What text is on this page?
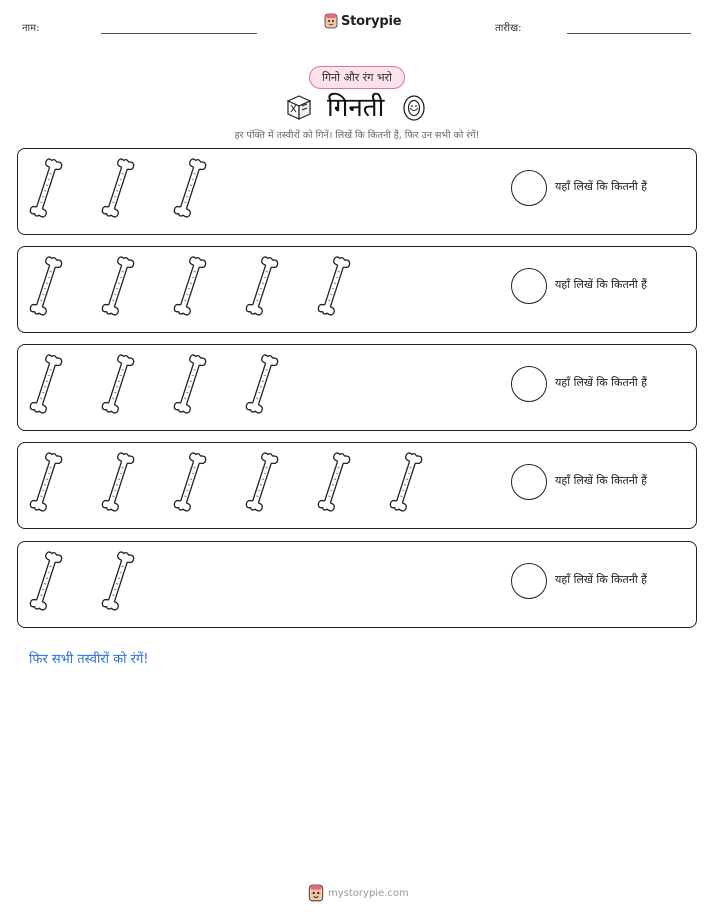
नाम:	Storypie	तारीख:
गिनो और रंग भरो
गिनती
हर पंक्ति में तस्वीरों को गिनें। लिखें कि कितनी हैं, फिर उन सभी को रंगें!
यहाँ लिखें कि कितनी हैं
यहाँ लिखें कि कितनी हैं
यहाँ लिखें कि कितनी हैं
यहाँ लिखें कि कितनी हैं
यहाँ लिखें कि कितनी हैं
फिर सभी तस्वीरों को रंगें!
mystorypie.com
